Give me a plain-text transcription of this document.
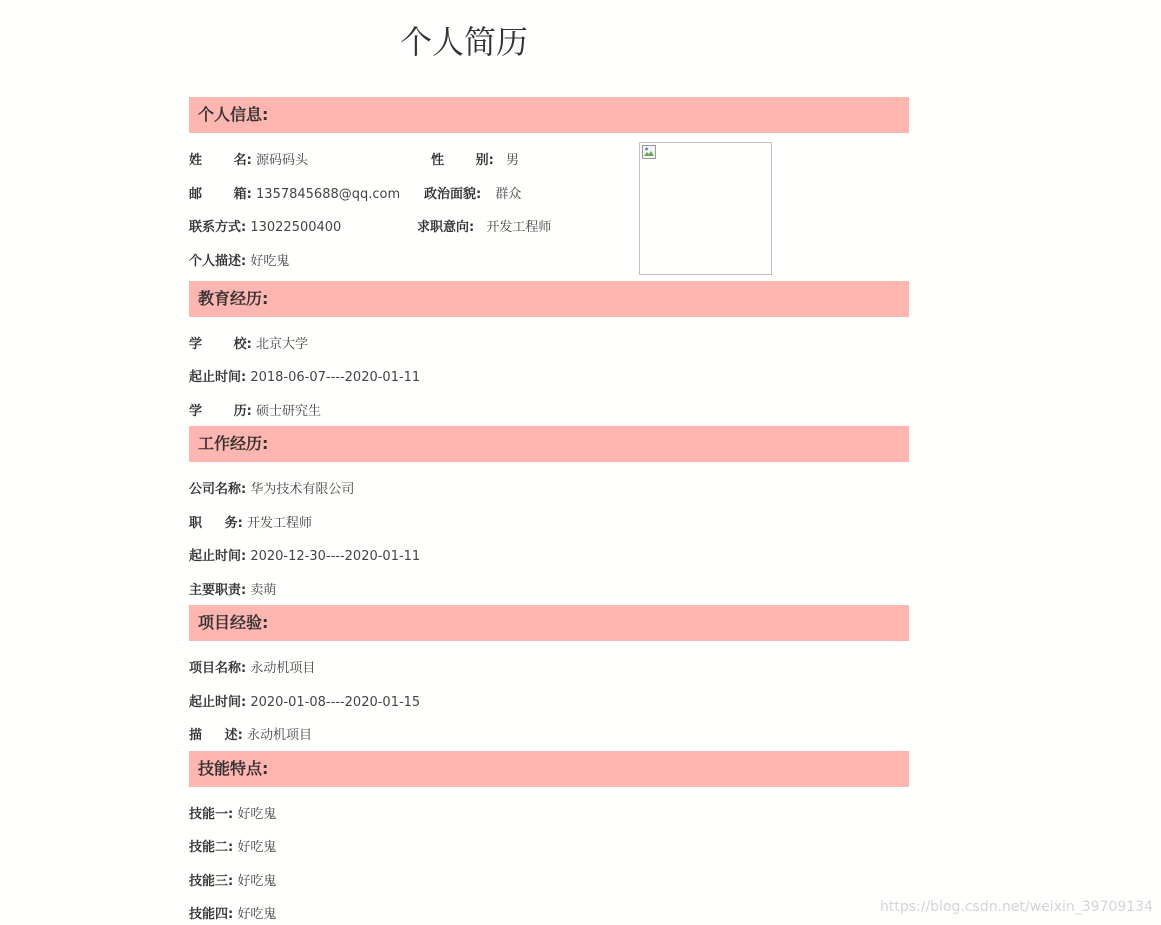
个人简历
个人信息:
姓       名: 源码码头	性       别: 男
邮       箱: 1357845688@qq.com 政治面貌: 群众
联系方式: 13022500400	求职意向: 开发工程师
个人描述: 好吃鬼
教育经历:
学       校: 北京大学
起止时间: 2018-06-07----2020-01-11
学       历: 硕士研究生
工作经历:
公司名称: 华为技术有限公司
职     务: 开发工程师
起止时间: 2020-12-30----2020-01-11
主要职责: 卖萌
项目经验:
项目名称: 永动机项目
起止时间: 2020-01-08----2020-01-15
描     述: 永动机项目
技能特点:
技能一: 好吃鬼
技能二: 好吃鬼
技能三: 好吃鬼
技能四: 好吃鬼	https://blog.csdn.net/weixin_39709134
